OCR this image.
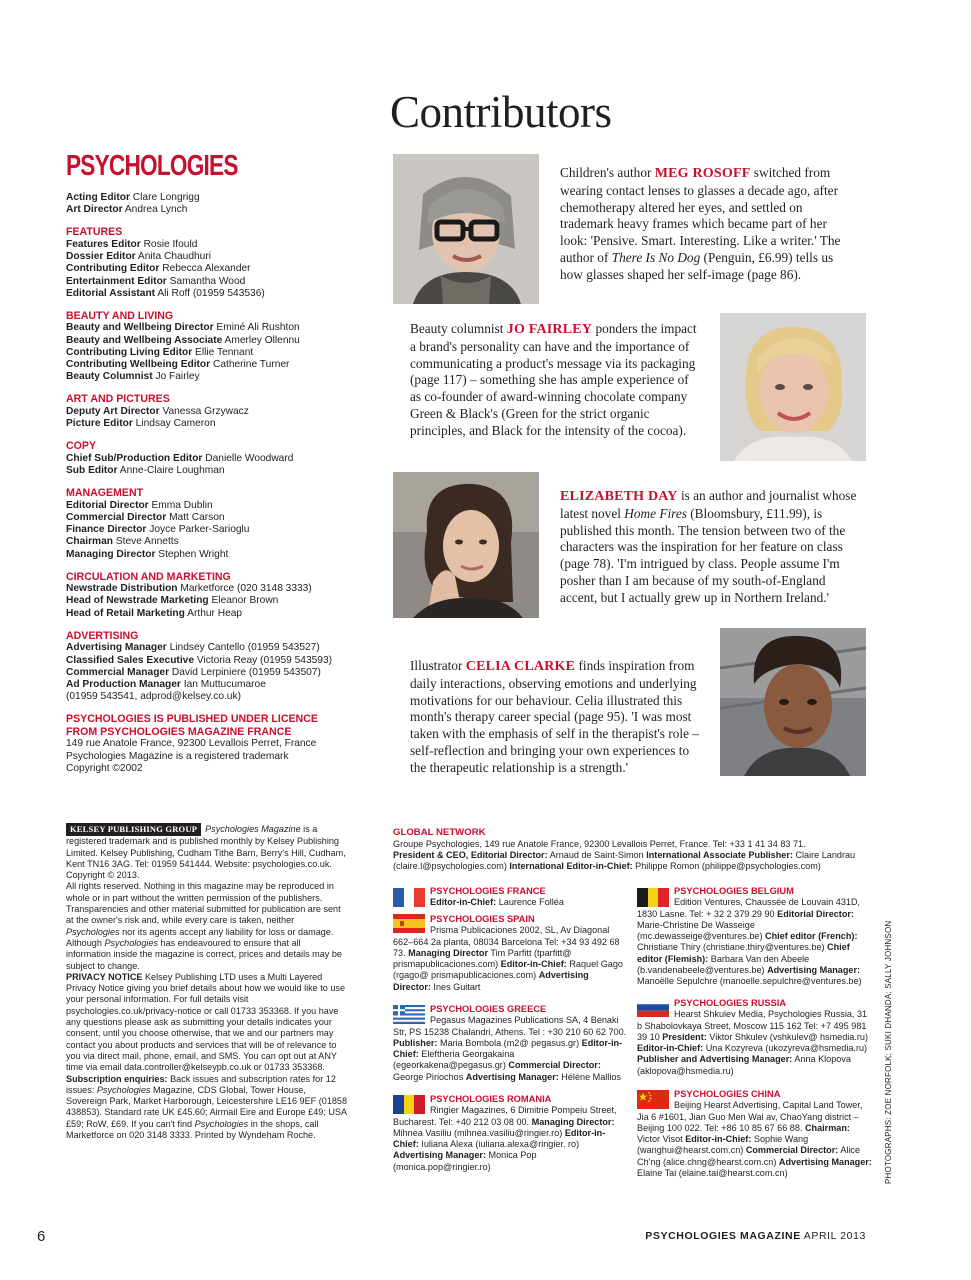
Contributors
PSYCHOLOGIES
Acting Editor Clare Longrigg
Art Director Andrea Lynch
FEATURES
Features Editor Rosie Ifould
Dossier Editor Anita Chaudhuri
Contributing Editor Rebecca Alexander
Entertainment Editor Samantha Wood
Editorial Assistant Ali Roff (01959 543536)
BEAUTY AND LIVING
Beauty and Wellbeing Director Eminé Ali Rushton
Beauty and Wellbeing Associate Amerley Ollennu
Contributing Living Editor Ellie Tennant
Contributing Wellbeing Editor Catherine Turner
Beauty Columnist Jo Fairley
ART AND PICTURES
Deputy Art Director Vanessa Grzywacz
Picture Editor Lindsay Cameron
COPY
Chief Sub/Production Editor Danielle Woodward
Sub Editor Anne-Claire Loughman
MANAGEMENT
Editorial Director Emma Dublin
Commercial Director Matt Carson
Finance Director Joyce Parker-Sarioglu
Chairman Steve Annetts
Managing Director Stephen Wright
CIRCULATION AND MARKETING
Newstrade Distribution Marketforce (020 3148 3333)
Head of Newstrade Marketing Eleanor Brown
Head of Retail Marketing Arthur Heap
ADVERTISING
Advertising Manager Lindsey Cantello (01959 543527)
Classified Sales Executive Victoria Reay (01959 543593)
Commercial Manager David Lerpiniere (01959 543507)
Ad Production Manager Ian Muttucumaroe
(01959 543541, adprod@kelsey.co.uk)
PSYCHOLOGIES IS PUBLISHED UNDER LICENCE
FROM PSYCHOLOGIES MAGAZINE FRANCE
149 rue Anatole France, 92300 Levallois Perret, France
Psychologies Magazine is a registered trademark
Copyright ©2002
Children's author MEG ROSOFF switched from wearing contact lenses to glasses a decade ago, after chemotherapy altered her eyes, and settled on trademark heavy frames which became part of her look: 'Pensive. Smart. Interesting. Like a writer.' The author of There Is No Dog (Penguin, £6.99) tells us how glasses shaped her self-image (page 86).
Beauty columnist JO FAIRLEY ponders the impact a brand's personality can have and the importance of communicating a product's message via its packaging (page 117) – something she has ample experience of as co-founder of award-winning chocolate company Green & Black's (Green for the strict organic principles, and Black for the intensity of the cocoa).
ELIZABETH DAY is an author and journalist whose latest novel Home Fires (Bloomsbury, £11.99), is published this month. The tension between two of the characters was the inspiration for her feature on class (page 78). 'I'm intrigued by class. People assume I'm posher than I am because of my south-of-England accent, but I actually grew up in Northern Ireland.'
Illustrator CELIA CLARKE finds inspiration from daily interactions, observing emotions and underlying motivations for our behaviour. Celia illustrated this month's therapy career special (page 95). 'I was most taken with the emphasis of self in the therapist's role – self-reflection and bringing your own experiences to the therapeutic relationship is a strength.'

KELSEY PUBLISHING GROUP Psychologies Magazine is a registered trademark and is published monthly by Kelsey Publishing Limited. Kelsey Publishing, Cudham Tithe Barn, Berry's Hill, Cudham, Kent TN16 3AG. Tel: 01959 541444. Website: psychologies.co.uk. Copyright © 2013.

All rights reserved. Nothing in this magazine may be reproduced in whole or in part without the written permission of the publishers. Transparencies and other material submitted for publication are sent at the owner's risk and, while every care is taken, neither Psychologies nor its agents accept any liability for loss or damage. Although Psychologies has endeavoured to ensure that all information inside the magazine is correct, prices and details may be subject to change.

PRIVACY NOTICE Kelsey Publishing LTD uses a Multi Layered Privacy Notice giving you brief details about how we would like to use your personal information. For full details visit psychologies.co.uk/privacy-notice or call 01733 353368. If you have any questions please ask as submitting your details indicates your consent, until you choose otherwise, that we and our partners may contact you about products and services that will be of relevance to you via direct mail, phone, email, and SMS. You can opt out at ANY time via email data.controller@kelseypb.co.uk or 01733 353368.

Subscription enquiries: Back issues and subscription rates for 12 issues: Psychologies Magazine, CDS Global, Tower House, Sovereign Park, Market Harborough, Leicestershire LE16 9EF (01858 438853). Standard rate UK £45.60; Airmail Eire and Europe £49; USA £59; RoW, £69. If you can't find Psychologies in the shops, call Marketforce on 020 3148 3333. Printed by Wyndeham Roche.

GLOBAL NETWORK
Groupe Psychologies, 149 rue Anatole France, 92300 Levallois Perret, France. Tel: +33 1 41 34 83 71.
President & CEO, Editorial Director: Arnaud de Saint-Simon International Associate Publisher: Claire Landrau
(claire.l@psychologies.com) International Editor-in-Chief: Philippe Romon (philippe@psychologies.com)
PSYCHOLOGIES FRANCE
Editor-in-Chief: Laurence Folléa
PSYCHOLOGIES SPAIN
Prisma Publicaciones 2002, SL, Av Diagonal 662–664 2a planta, 08034 Barcelona Tel: +34 93 492 68 73. Managing Director Tim Parfitt (tparfitt@ prismapublicaciones.com) Editor-in-Chief: Raquel Gago (rgago@ prismapublicaciones.com) Advertising Director: Ines Guitart
PSYCHOLOGIES GREECE
Pegasus Magazines Publications SA, 4 Benaki Str, PS 15238 Chalandri, Athens. Tel : +30 210 60 62 700. Publisher: Maria Bombola (m2@ pegasus.gr) Editor-in-Chief: Eleftheria Georgakaina (egeorkakena@pegasus.gr) Commercial Director: George Piriochos Advertising Manager: Hélène Mallios
PSYCHOLOGIES ROMANIA
Ringier Magazines, 6 Dimitrie Pompeiu Street, Bucharest. Tel: +40 212 03 08 00. Managing Director: Mihnea Vasiliu (mihnea.vasiliu@ringier.ro) Editor-in-Chief: Iuliana Alexa (iuliana.alexa@ringier. ro) Advertising Manager: Monica Pop (monica.pop@ringier.ro)
PSYCHOLOGIES BELGIUM
Edition Ventures, Chaussée de Louvain 431D, 1830 Lasne. Tel: + 32 2 379 29 90 Editorial Director: Marie-Christine De Wasseige (mc.dewasseige@ventures.be) Chief editor (French): Christiane Thiry (christiane.thiry@ventures.be) Chief editor (Flemish): Barbara Van den Abeele (b.vandenabeele@ventures.be) Advertising Manager: Manoëlle Sepulchre (manoelle.sepulchre@ventures.be)
PSYCHOLOGIES RUSSIA
Hearst Shkulev Media, Psychologies Russia, 31 b Shabolovkaya Street, Moscow 115 162 Tel: +7 495 981 39 10 President: Viktor Shkulev (vshkulev@ hsmedia.ru) Editor-in-Chief: Una Kozyreva (ukozyreva@hsmedia.ru) Publisher and Advertising Manager: Anna Klopova (aklopova@hsmedia.ru)
PSYCHOLOGIES CHINA
Beijing Hearst Advertising, Capital Land Tower, Jia 6 #1601, Jian Guo Men Wai av, ChaoYang district – Beijing 100 022. Tel: +86 10 85 67 66 88. Chairman: Victor Visot Editor-in-Chief: Sophie Wang (wanghui@hearst.com.cn) Commercial Director: Alice Ch'ng (alice.chng@hearst.com.cn) Advertising Manager: Elaine Tai (elaine.tai@hearst.com.cn)	PHOTOGRAPHS: ZOE NORFOLK; SUKI DHANDA; SALLY JOHNSON
6	PSYCHOLOGIES MAGAZINE APRIL 2013
